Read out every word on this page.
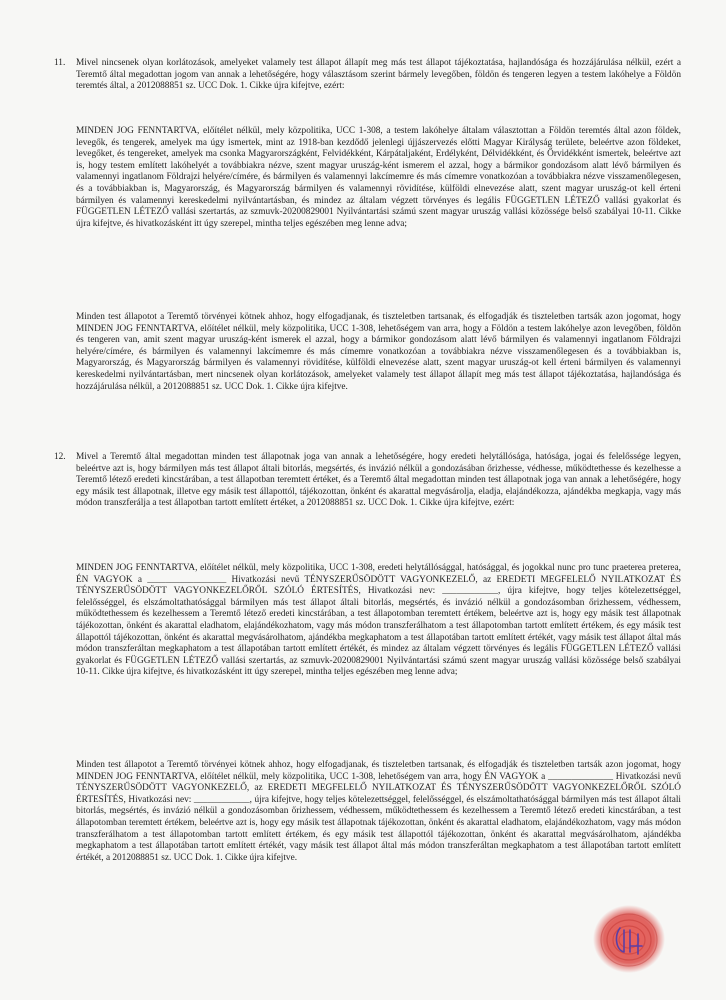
11. Mivel nincsenek olyan korlátozások, amelyeket valamely test állapot állapít meg más test állapot tájékoztatása, hajlandósága és hozzájárulása nélkül, ezért a Teremtő által megadottan jogom van annak a lehetőségére, hogy választásom szerint bármely levegőben, földön és tengeren legyen a testem lakóhelye a Földön teremtés által, a 2012088851 sz. UCC Dok. 1. Cikke újra kifejtve, ezért:

MINDEN JOG FENNTARTVA, előítélet nélkül, mely közpolitika, UCC 1-308, a testem lakóhelye általam választottan a Földön teremtés által azon földek, levegők, és tengerek, amelyek ma úgy ismertek, mint az 1918-ban kezdődő jelenlegi újjászervezés előtti Magyar Királyság területe, beleértve azon földeket, levegőket, és tengereket, amelyek ma csonka Magyarországként, Felvidékként, Kárpátaljaként, Erdélyként, Délvidékként, és Őrvidékként ismertek, beleértve azt is, hogy testem említett lakóhelyét a továbbiakra nézve, szent magyar uruszág-ként ismerem el azzal, hogy a bármikor gondozásom alatt lévő bármilyen és valamennyi ingatlanom Földrajzi helyére/címére, és bármilyen és valamennyi lakcímemre és más címemre vonatkozóan a továbbiakra nézve visszamenőlegesen, és a továbbiakban is, Magyarország, és Magyarország bármilyen és valamennyi rövidítése, külföldi elnevezése alatt, szent magyar uruszág-ot kell érteni bármilyen és valamennyi kereskedelmi nyilvántartásban, és mindez az általam végzett törvényes és legális FÜGGETLEN LÉTEZŐ vallási gyakorlat és FÜGGETLEN LÉTEZŐ vallási szertartás, az szmuvk-20200829001 Nyilvántartási számú szent magyar uruszág vallási közössége belső szabályai 10-11. Cikke újra kifejtve, és hivatkozásként itt úgy szerepel, mintha teljes egészében meg lenne adva;

Minden test állapotot a Teremtő törvényei kötnek ahhoz, hogy elfogadjanak, és tiszteletben tartsanak, és elfogadják és tiszteletben tartsák azon jogomat, hogy MINDEN JOG FENNTARTVA, előítélet nélkül, mely közpolitika, UCC 1-308, lehetőségem van arra, hogy a Földön a testem lakóhelye azon levegőben, földön és tengeren van, amit szent magyar uruszág-ként ismerek el azzal, hogy a bármikor gondozásom alatt lévő bármilyen és valamennyi ingatlanom Földrajzi helyére/címére, és bármilyen és valamennyi lakcímemre és más címemre vonatkozóan a továbbiakra nézve visszamenőlegesen és a továbbiakban is, Magyarország, és Magyarország bármilyen és valamennyi rövidítése, külföldi elnevezése alatt, szent magyar uruszág-ot kell érteni bármilyen és valamennyi kereskedelmi nyilvántartásban, mert nincsenek olyan korlátozások, amelyeket valamely test állapot állapít meg más test állapot tájékoztatása, hajlandósága és hozzájárulása nélkül, a 2012088851 sz. UCC Dok. 1. Cikke újra kifejtve.

12. Mivel a Teremtő által megadottan minden test állapotnak joga van annak a lehetőségére, hogy eredeti helytállósága, hatósága, jogai és felelőssége legyen, beleértve azt is, hogy bármilyen más test állapot általi bitorlás, megsértés, és invázió nélkül a gondozásában őrizhesse, védhesse, működtethesse és kezelhesse a Teremtő létező eredeti kincstárában, a test állapotban teremtett értéket, és a Teremtő által megadottan minden test állapotnak joga van annak a lehetőségére, hogy egy másik test állapotnak, illetve egy másik test állapottól, tájékozottan, önként és akarattal megvásárolja, eladja, elajándékozza, ajándékba megkapja, vagy más módon transzferálja a test állapotban tartott említett értéket, a 2012088851 sz. UCC Dok. 1. Cikke újra kifejtve, ezért:

MINDEN JOG FENNTARTVA, előítélet nélkül, mely közpolitika, UCC 1-308, eredeti helytállósággal, hatósággal, és jogokkal nunc pro tunc praeterea preterea, ÉN VAGYOK a _________________ Hivatkozási nevű TÉNYSZERŰSÖDÖTT VAGYONKEZELŐ, az EREDETI MEGFELELŐ NYILATKOZAT ÉS TÉNYSZERŰSÖDÖTT VAGYONKEZELŐRŐL SZÓLÓ ÉRTESÍTÉS, Hivatkozási nev: ____________, újra kifejtve, hogy teljes kötelezettséggel, felelősséggel, és elszámoltathatósággal bármilyen más test állapot általi bitorlás, megsértés, és invázió nélkül a gondozásomban őrizhessem, védhessem, működtethessem és kezelhessem a Teremtő létező eredeti kincstárában, a test állapotomban teremtett értékem, beleértve azt is, hogy egy másik test állapotnak tájékozottan, önként és akarattal eladhatom, elajándékozhatom, vagy más módon transzferálhatom a test állapotomban tartott említett értékem, és egy másik test állapottól tájékozottan, önként és akarattal megvásárolhatom, ajándékba megkaphatom a test állapotában tartott említett értékét, vagy másik test állapot által más módon transzferáltan megkaphatom a test állapotában tartott említett értékét, és mindez az általam végzett törvényes és legális FÜGGETLEN LÉTEZŐ vallási gyakorlat és FÜGGETLEN LÉTEZŐ vallási szertartás, az szmuvk-20200829001 Nyilvántartási számú szent magyar uruszág vallási közössége belső szabályai 10-11. Cikke újra kifejtve, és hivatkozásként itt úgy szerepel, mintha teljes egészében meg lenne adva;

Minden test állapotot a Teremtő törvényei kötnek ahhoz, hogy elfogadjanak, és tiszteletben tartsanak, és elfogadják és tiszteletben tartsák azon jogomat, hogy MINDEN JOG FENNTARTVA, előítélet nélkül, mely közpolitika, UCC 1-308, lehetőségem van arra, hogy ÉN VAGYOK a ______________ Hivatkozási nevű TÉNYSZERŰSÖDÖTT VAGYONKEZELŐ, az EREDETI MEGFELELŐ NYILATKOZAT ÉS TÉNYSZERŰSÖDÖTT VAGYONKEZELŐRŐL SZÓLÓ ÉRTESÍTÉS, Hivatkozási nev: ____________, újra kifejtve, hogy teljes kötelezettséggel, felelősséggel, és elszámoltathatósággal bármilyen más test állapot általi bitorlás, megsértés, és invázió nélkül a gondozásomban őrizhessem, védhessem, működtethessem és kezelhessem a Teremtő létező eredeti kincstárában, a test állapotomban teremtett értékem, beleértve azt is, hogy egy másik test állapotnak tájékozottan, önként és akarattal eladhatom, elajándékozhatom, vagy más módon transzferálhatom a test állapotomban tartott említett értékem, és egy másik test állapottól tájékozottan, önként és akarattal megvásárolhatom, ajándékba megkaphatom a test állapotában tartott említett értékét, vagy másik test állapot által más módon transzferáltan megkaphatom a test állapotában tartott említett értékét, a 2012088851 sz. UCC Dok. 1. Cikke újra kifejtve.
